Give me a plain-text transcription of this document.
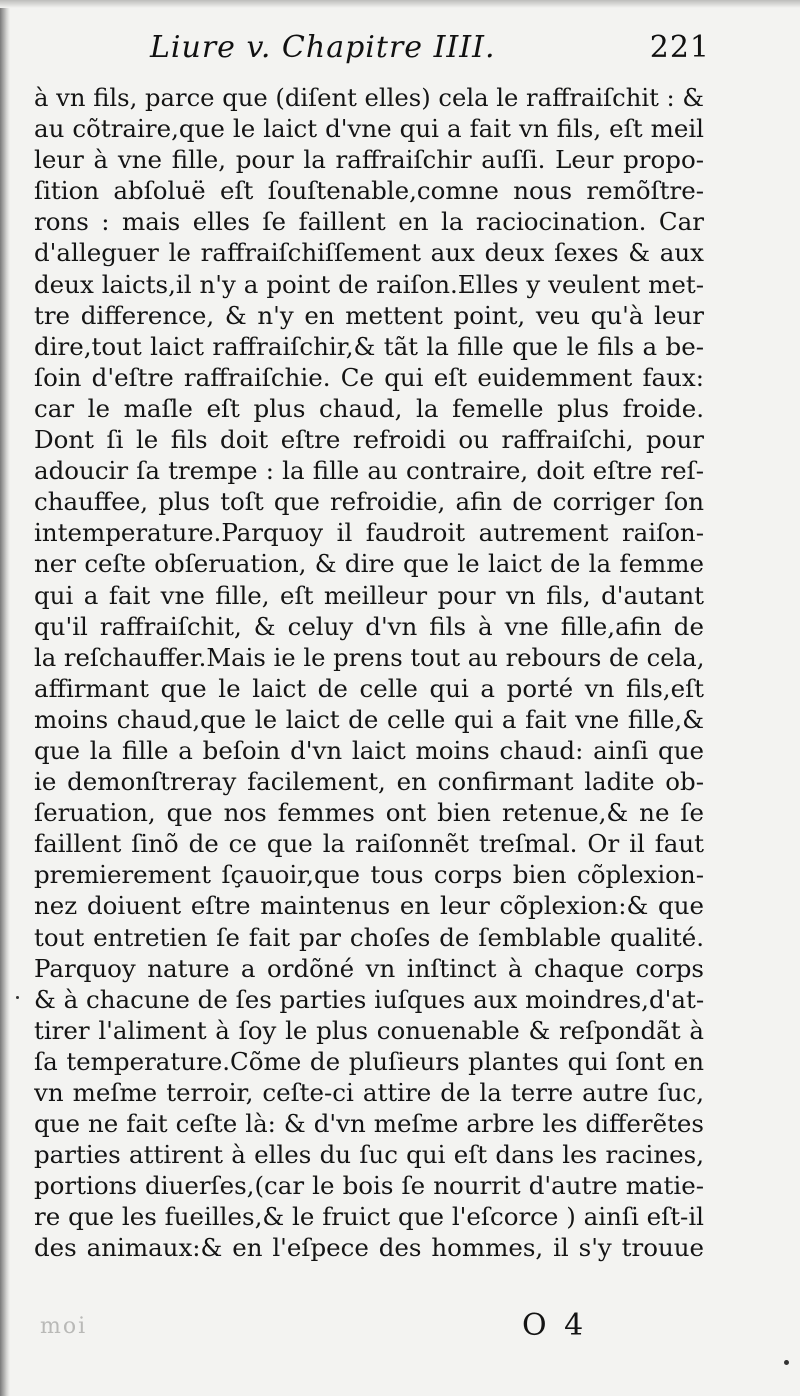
Liure v. Chapitre IIII.	221
à vn fils, parce que (diſent elles) cela le raffraiſchit : &
au cõtraire,que le laict d'vne qui a fait vn fils, eſt meil
leur à vne fille, pour la raffraiſchir auſſi. Leur propo-
ſition abſoluë eſt ſouſtenable,comne nous remõſtre-
rons : mais elles ſe faillent en la raciocination. Car
d'alleguer le raffraiſchiſſement aux deux ſexes & aux
deux laicts,il n'y a point de raiſon.Elles y veulent met-
tre difference, & n'y en mettent point, veu qu'à leur
dire,tout laict raffraiſchir,& tãt la fille que le fils a be-
ſoin d'eſtre raffraiſchie. Ce qui eſt euidemment faux:
car le maſle eſt plus chaud, la femelle plus froide.
Dont ſi le fils doit eſtre refroidi ou raffraiſchi, pour
adoucir ſa trempe : la fille au contraire, doit eſtre reſ-
chauffee, plus toſt que refroidie, afin de corriger ſon
intemperature.Parquoy il faudroit autrement raiſon-
ner ceſte obſeruation, & dire que le laict de la femme
qui a fait vne fille, eſt meilleur pour vn fils, d'autant
qu'il raffraiſchit, & celuy d'vn fils à vne fille,afin de
la reſchauffer.Mais ie le prens tout au rebours de cela,
affirmant que le laict de celle qui a porté vn fils,eſt
moins chaud,que le laict de celle qui a fait vne fille,&
que la fille a beſoin d'vn laict moins chaud: ainſi que
ie demonſtreray facilement, en confirmant ladite ob-
ſeruation, que nos femmes ont bien retenue,& ne ſe
faillent ſinõ de ce que la raiſonnẽt treſmal. Or il faut
premierement ſçauoir,que tous corps bien cõplexion-
nez doiuent eſtre maintenus en leur cõplexion:& que
tout entretien ſe fait par choſes de ſemblable qualité.
Parquoy nature a ordõné vn inſtinct à chaque corps
& à chacune de ſes parties iuſques aux moindres,d'at-
tirer l'aliment à ſoy le plus conuenable & reſpondãt à
ſa temperature.Cõme de pluſieurs plantes qui ſont en
vn meſme terroir, ceſte-ci attire de la terre autre ſuc,
que ne fait ceſte là: & d'vn meſme arbre les differẽtes
parties attirent à elles du ſuc qui eſt dans les racines,
portions diuerſes,(car le bois ſe nourrit d'autre matie-
re que les fueilles,& le fruict que l'eſcorce ) ainſi eſt-il
des animaux:& en l'eſpece des hommes, il s'y trouue
moi	O 4
